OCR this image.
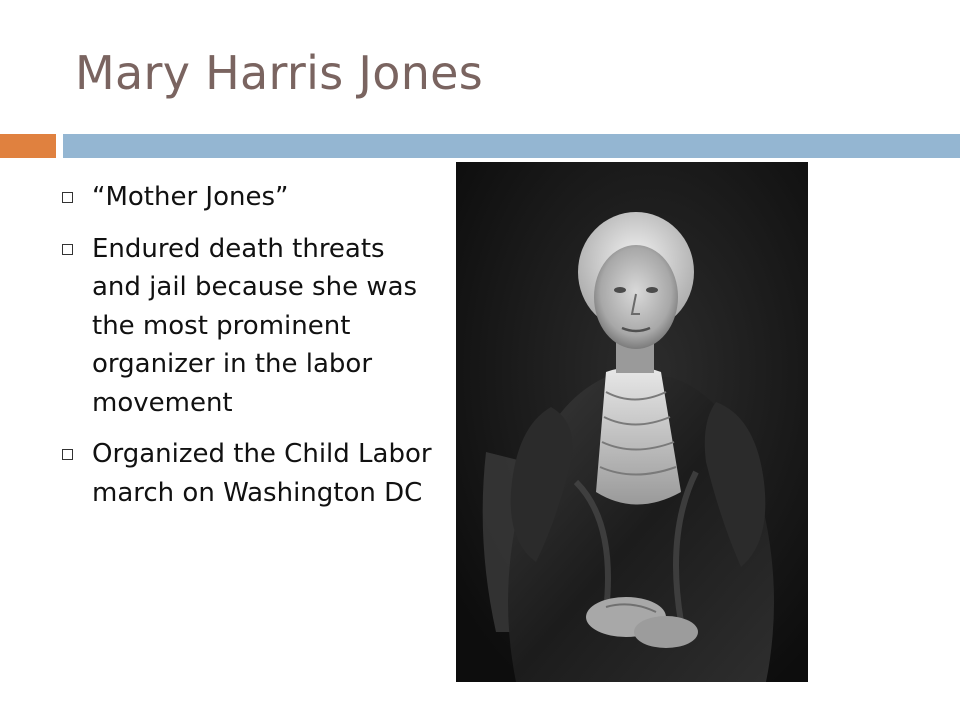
Mary Harris Jones
“Mother Jones”
Endured death threats and jail because she was the most prominent organizer in the labor movement
Organized the Child Labor march on Washington DC
